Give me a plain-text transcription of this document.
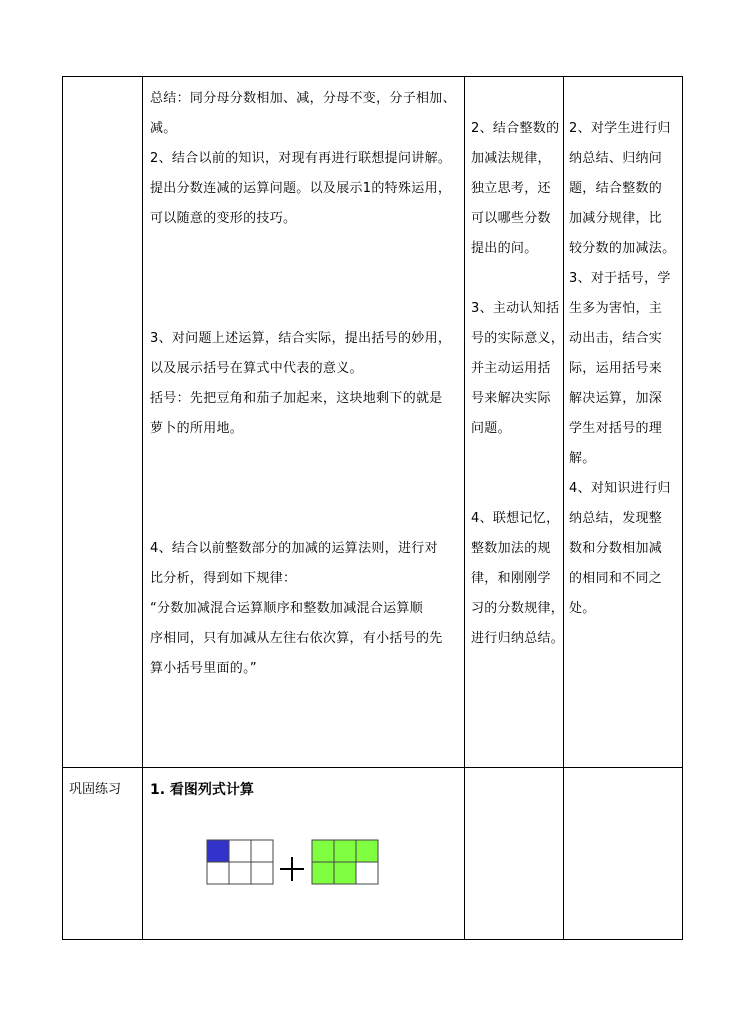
总结：同分母分数相加、减，分母不变，分子相加、

减。

2、结合以前的知识，对现有再进行联想提问讲解。

提出分数连减的运算问题。以及展示1的特殊运用，

可以随意的变形的技巧。

3、对问题上述运算，结合实际，提出括号的妙用，

以及展示括号在算式中代表的意义。

括号：先把豆角和茄子加起来，这块地剩下的就是

萝卜的所用地。

4、结合以前整数部分的加减的运算法则，进行对

比分析，得到如下规律：

“分数加减混合运算顺序和整数加减混合运算顺

序相同，只有加减从左往右依次算，有小括号的先

算小括号里面的。”

2、结合整数的

加减法规律，

独立思考，还

可以哪些分数

提出的问。

3、主动认知括

号的实际意义，

并主动运用括

号来解决实际

问题。

4、联想记忆，

整数加法的规

律，和刚刚学

习的分数规律，

进行归纳总结。

2、对学生进行归

纳总结、归纳问

题，结合整数的

加减分规律，比

较分数的加减法。

3、对于括号，学

生多为害怕，主

动出击，结合实

际，运用括号来

解决运算，加深

学生对括号的理

解。

4、对知识进行归

纳总结，发现整

数和分数相加减

的相同和不同之

处。

巩固练习 1. 看图列式计算
